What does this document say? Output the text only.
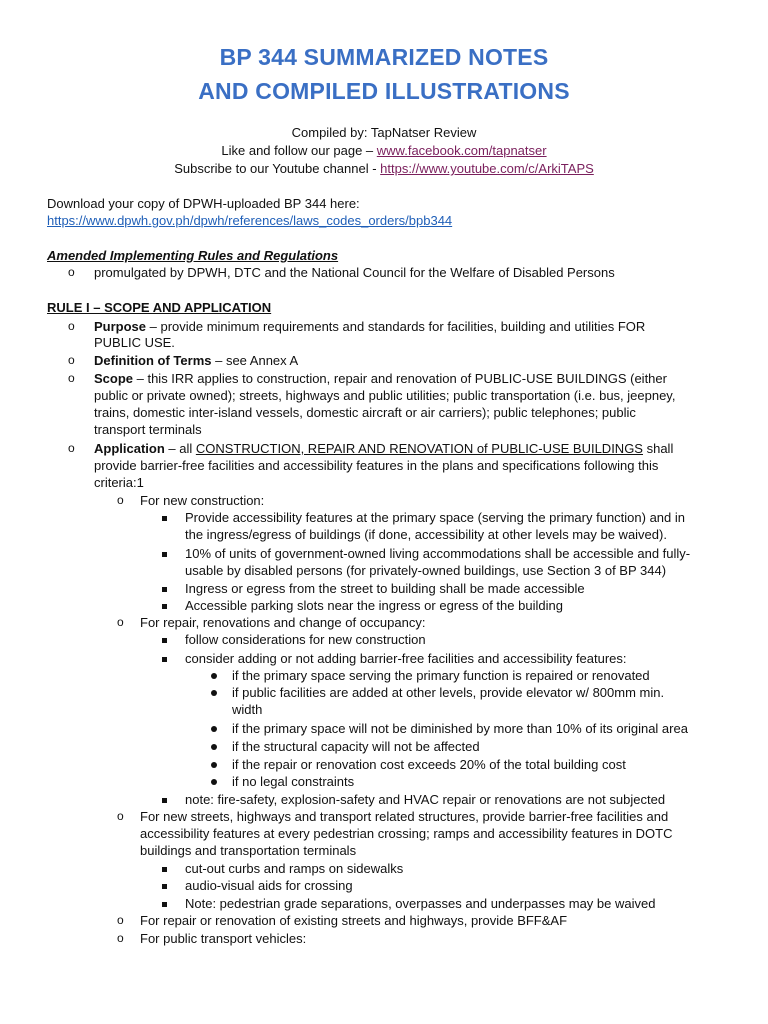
BP 344 SUMMARIZED NOTES
AND COMPILED ILLUSTRATIONS
Compiled by: TapNatser Review
Like and follow our page – www.facebook.com/tapnatser
Subscribe to our Youtube channel - https://www.youtube.com/c/ArkiTAPS
Download your copy of DPWH-uploaded BP 344 here:
https://www.dpwh.gov.ph/dpwh/references/laws_codes_orders/bpb344
Amended Implementing Rules and Regulations
o promulgated by DPWH, DTC and the National Council for the Welfare of Disabled Persons
RULE I – SCOPE AND APPLICATION
o Purpose – provide minimum requirements and standards for facilities, building and utilities FOR
PUBLIC USE.
o Definition of Terms – see Annex A
o Scope – this IRR applies to construction, repair and renovation of PUBLIC-USE BUILDINGS (either
public or private owned); streets, highways and public utilities; public transportation (i.e. bus, jeepney,
trains, domestic inter-island vessels, domestic aircraft or air carriers); public telephones; public
transport terminals
o Application – all CONSTRUCTION, REPAIR AND RENOVATION of PUBLIC-USE BUILDINGS shall
provide barrier-free facilities and accessibility features in the plans and specifications following this
criteria:1
o For new construction:
Provide accessibility features at the primary space (serving the primary function) and in
the ingress/egress of buildings (if done, accessibility at other levels may be waived).
10% of units of government-owned living accommodations shall be accessible and fully-
usable by disabled persons (for privately-owned buildings, use Section 3 of BP 344)
Ingress or egress from the street to building shall be made accessible
Accessible parking slots near the ingress or egress of the building
o For repair, renovations and change of occupancy:
follow considerations for new construction
consider adding or not adding barrier-free facilities and accessibility features:
if the primary space serving the primary function is repaired or renovated
if public facilities are added at other levels, provide elevator w/ 800mm min.
width
if the primary space will not be diminished by more than 10% of its original area
if the structural capacity will not be affected
if the repair or renovation cost exceeds 20% of the total building cost
if no legal constraints
note: fire-safety, explosion-safety and HVAC repair or renovations are not subjected
o For new streets, highways and transport related structures, provide barrier-free facilities and
accessibility features at every pedestrian crossing; ramps and accessibility features in DOTC
buildings and transportation terminals
cut-out curbs and ramps on sidewalks
audio-visual aids for crossing
Note: pedestrian grade separations, overpasses and underpasses may be waived
o For repair or renovation of existing streets and highways, provide BFF&AF
o For public transport vehicles:
